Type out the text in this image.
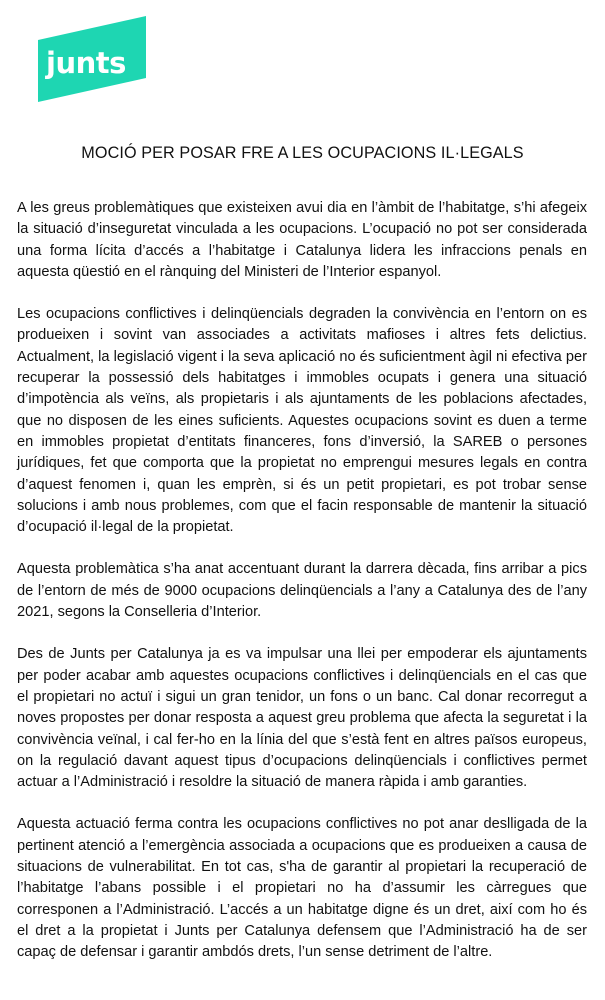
junts
MOCIÓ PER POSAR FRE A LES OCUPACIONS IL·LEGALS

A les greus problemàtiques que existeixen avui dia en l’àmbit de l’habitatge, s’hi afegeix la situació d’inseguretat vinculada a les ocupacions. L’ocupació no pot ser considerada una forma lícita d’accés a l’habitatge i Catalunya lidera les infraccions penals en aquesta qüestió en el rànquing del Ministeri de l’Interior espanyol.

Les ocupacions conflictives i delinqüencials degraden la convivència en l’entorn on es produeixen i sovint van associades a activitats mafioses i altres fets delictius. Actualment, la legislació vigent i la seva aplicació no és suficientment àgil ni efectiva per recuperar la possessió dels habitatges i immobles ocupats i genera una situació d’impotència als veïns, als propietaris i als ajuntaments de les poblacions afectades, que no disposen de les eines suficients. Aquestes ocupacions sovint es duen a terme en immobles propietat d’entitats financeres, fons d’inversió, la SAREB o persones jurídiques, fet que comporta que la propietat no emprengui mesures legals en contra d’aquest fenomen i, quan les emprèn, si és un petit propietari, es pot trobar sense solucions i amb nous problemes, com que el facin responsable de mantenir la situació d’ocupació il·legal de la propietat.

Aquesta problemàtica s’ha anat accentuant durant la darrera dècada, fins arribar a pics de l’entorn de més de 9000 ocupacions delinqüencials a l’any a Catalunya des de l’any 2021, segons la Conselleria d’Interior.

Des de Junts per Catalunya ja es va impulsar una llei per empoderar els ajuntaments per poder acabar amb aquestes ocupacions conflictives i delinqüencials en el cas que el propietari no actuï i sigui un gran tenidor, un fons o un banc. Cal donar recorregut a noves propostes per donar resposta a aquest greu problema que afecta la seguretat i la convivència veïnal, i cal fer-ho en la línia del que s’està fent en altres països europeus, on la regulació davant aquest tipus d’ocupacions delinqüencials i conflictives permet actuar a l’Administració i resoldre la situació de manera ràpida i amb garanties.

Aquesta actuació ferma contra les ocupacions conflictives no pot anar deslligada de la pertinent atenció a l’emergència associada a ocupacions que es produeixen a causa de situacions de vulnerabilitat. En tot cas, s'ha de garantir al propietari la recuperació de l’habitatge l’abans possible i el propietari no ha d’assumir les càrregues que corresponen a l’Administració. L’accés a un habitatge digne és un dret, així com ho és el dret a la propietat i Junts per Catalunya defensem que l’Administració ha de ser capaç de defensar i garantir ambdós drets, l’un sense detriment de l’altre.
